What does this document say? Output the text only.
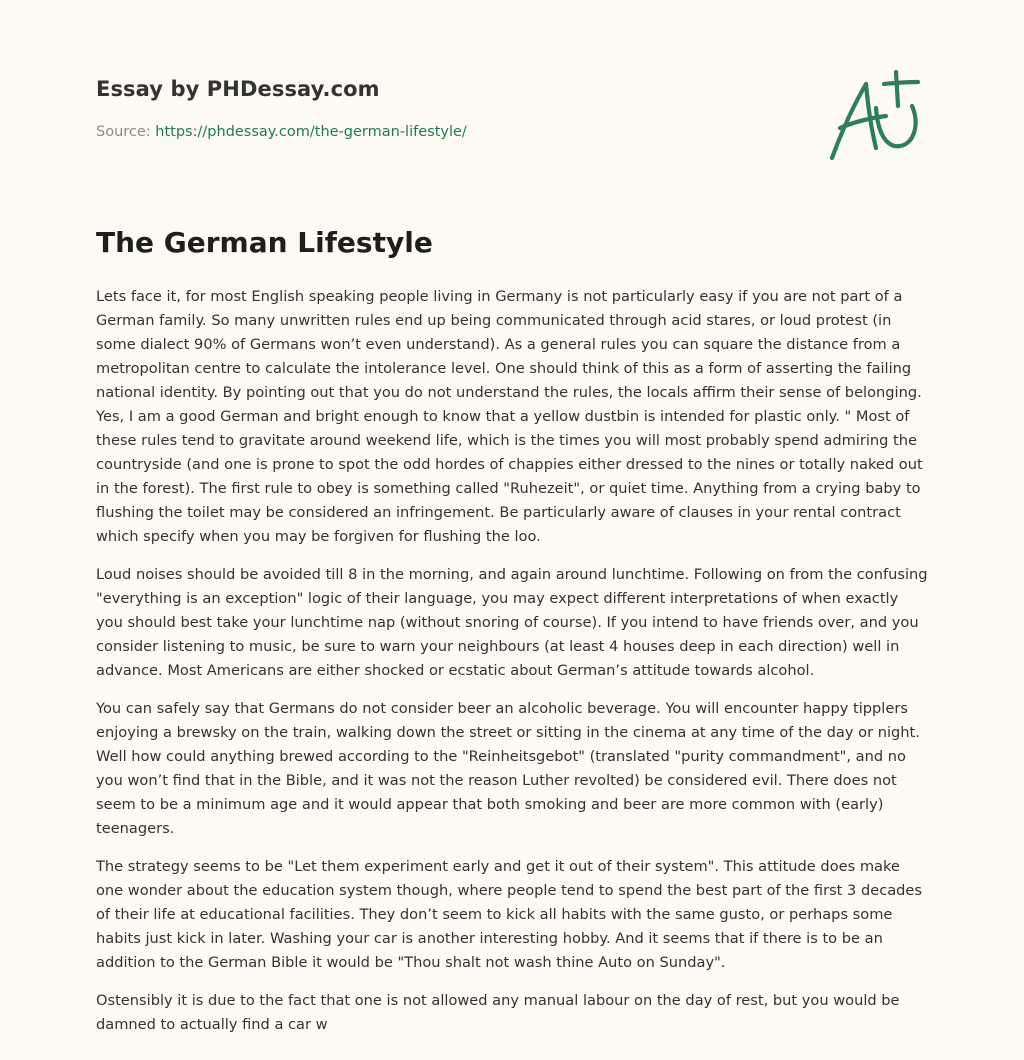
Essay by PHDessay.com
Source: https://phdessay.com/the-german-lifestyle/
The German Lifestyle

Lets face it, for most English speaking people living in Germany is not particularly easy if you are not part of a German family. So many unwritten rules end up being communicated through acid stares, or loud protest (in some dialect 90% of Germans won’t even understand). As a general rules you can square the distance from a metropolitan centre to calculate the intolerance level. One should think of this as a form of asserting the failing national identity. By pointing out that you do not understand the rules, the locals affirm their sense of belonging. Yes, I am a good German and bright enough to know that a yellow dustbin is intended for plastic only. " Most of these rules tend to gravitate around weekend life, which is the times you will most probably spend admiring the countryside (and one is prone to spot the odd hordes of chappies either dressed to the nines or totally naked out in the forest). The first rule to obey is something called "Ruhezeit", or quiet time. Anything from a crying baby to flushing the toilet may be considered an infringement. Be particularly aware of clauses in your rental contract which specify when you may be forgiven for flushing the loo.

Loud noises should be avoided till 8 in the morning, and again around lunchtime. Following on from the confusing "everything is an exception" logic of their language, you may expect different interpretations of when exactly you should best take your lunchtime nap (without snoring of course). If you intend to have friends over, and you consider listening to music, be sure to warn your neighbours (at least 4 houses deep in each direction) well in advance. Most Americans are either shocked or ecstatic about German’s attitude towards alcohol.

You can safely say that Germans do not consider beer an alcoholic beverage. You will encounter happy tipplers enjoying a brewsky on the train, walking down the street or sitting in the cinema at any time of the day or night. Well how could anything brewed according to the "Reinheitsgebot" (translated "purity commandment", and no you won’t find that in the Bible, and it was not the reason Luther revolted) be considered evil. There does not seem to be a minimum age and it would appear that both smoking and beer are more common with (early) teenagers.

The strategy seems to be "Let them experiment early and get it out of their system". This attitude does make one wonder about the education system though, where people tend to spend the best part of the first 3 decades of their life at educational facilities. They don’t seem to kick all habits with the same gusto, or perhaps some habits just kick in later. Washing your car is another interesting hobby. And it seems that if there is to be an addition to the German Bible it would be "Thou shalt not wash thine Auto on Sunday".

Ostensibly it is due to the fact that one is not allowed any manual labour on the day of rest, but you would be damned to actually find a car w
